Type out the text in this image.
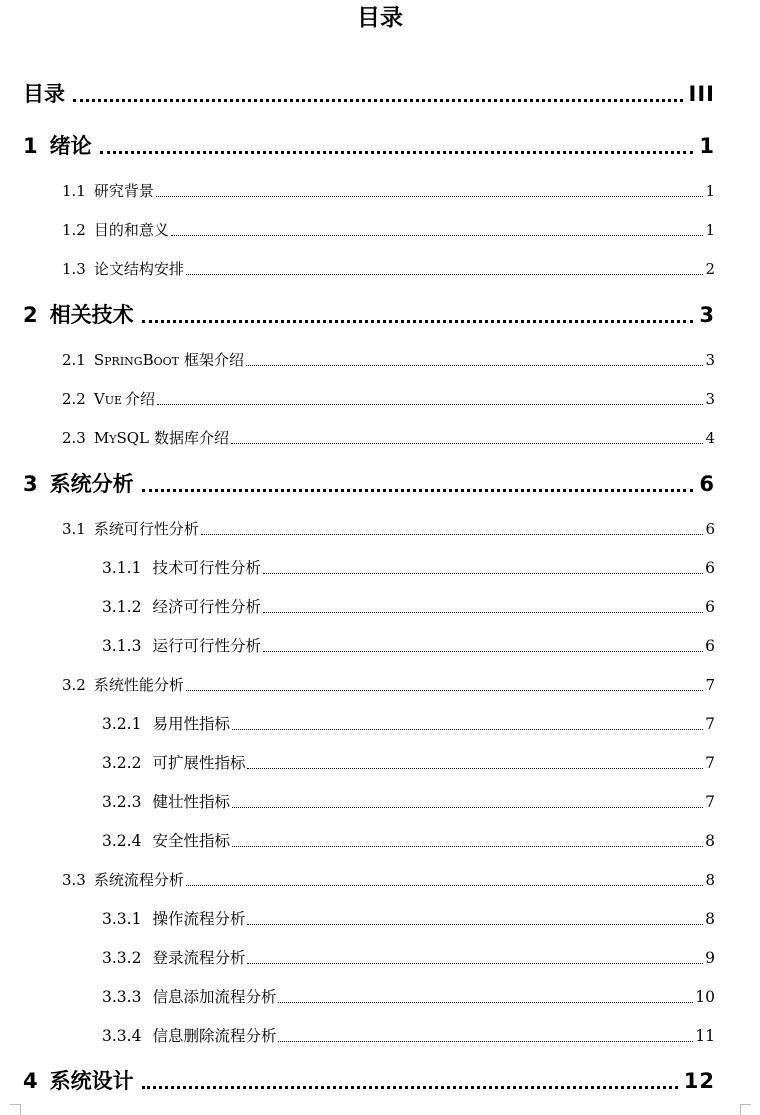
目录
目录	III
1 绪论	1
1.1 研究背景	1
1.2 目的和意义	1
1.3 论文结构安排	2
2 相关技术	3
2.1 SpringBoot 框架介绍	3
2.2 Vue 介绍	3
2.3 MySQL 数据库介绍	4
3 系统分析	6
3.1 系统可行性分析	6
3.1.1 技术可行性分析	6
3.1.2 经济可行性分析	6
3.1.3 运行可行性分析	6
3.2 系统性能分析	7
3.2.1 易用性指标	7
3.2.2 可扩展性指标	7
3.2.3 健壮性指标	7
3.2.4 安全性指标	8
3.3 系统流程分析	8
3.3.1 操作流程分析	8
3.3.2 登录流程分析	9
3.3.3 信息添加流程分析	10
3.3.4 信息删除流程分析	11
4 系统设计	12
